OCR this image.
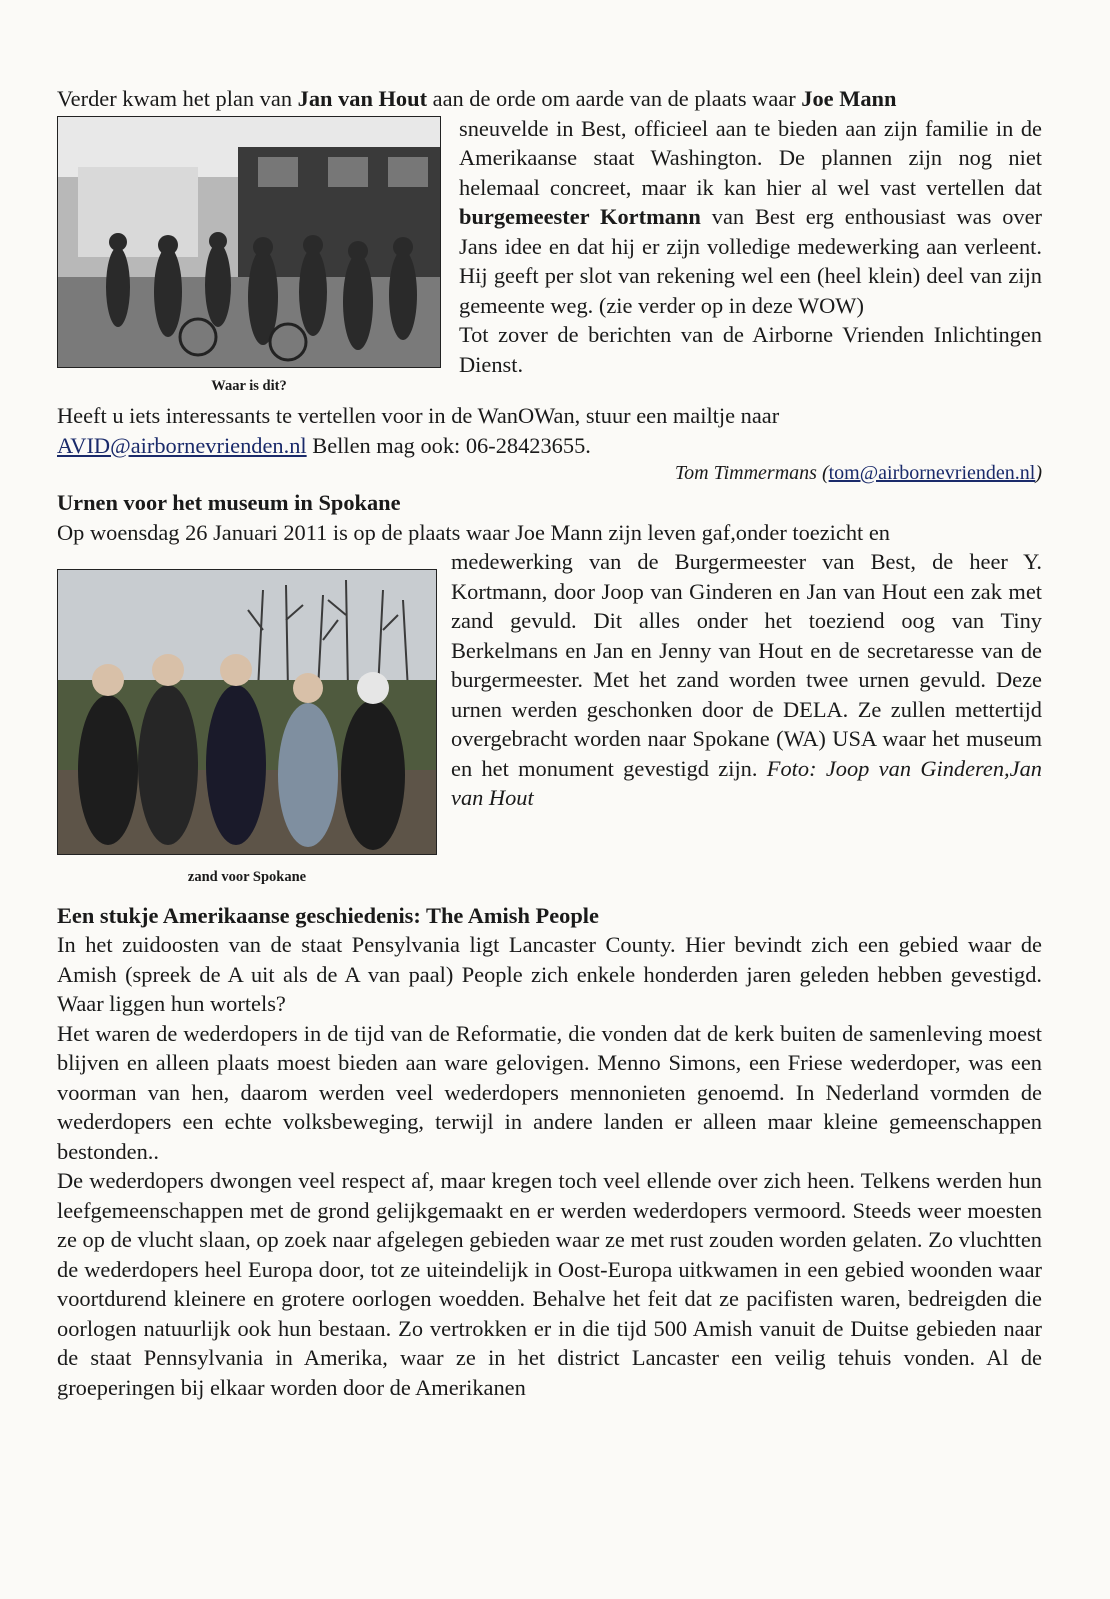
Verder kwam het plan van Jan van Hout aan de orde om aarde van de plaats waar Joe Mann

Waar is dit?

sneuvelde in Best, officieel aan te bieden aan zijn familie in de Amerikaanse staat Washington. De plannen zijn nog niet helemaal concreet, maar ik kan hier al wel vast vertellen dat burgemeester Kortmann van Best erg enthousiast was over Jans idee en dat hij er zijn volledige medewerking aan verleent. Hij geeft per slot van rekening wel een (heel klein) deel van zijn gemeente weg. (zie verder op in deze WOW)

Tot zover de berichten van de Airborne Vrienden Inlichtingen Dienst.

Heeft u iets interessants te vertellen voor in de WanOWan, stuur een mailtje naar

AVID@airbornevrienden.nl Bellen mag ook: 06-28423655.

Tom Timmermans (tom@airbornevrienden.nl)

Urnen voor het museum in Spokane

Op woensdag 26 Januari 2011 is op de plaats waar Joe Mann zijn leven gaf,onder toezicht en

zand voor Spokane

medewerking van de Burgermeester van Best, de heer Y. Kortmann, door Joop van Ginderen en Jan van Hout een zak met zand gevuld. Dit alles onder het toeziend oog van Tiny Berkelmans en Jan en Jenny van Hout en de secretaresse van de burgermeester. Met het zand worden twee urnen gevuld. Deze urnen werden geschonken door de DELA. Ze zullen mettertijd overgebracht worden naar Spokane (WA) USA waar het museum en het monument gevestigd zijn. Foto: Joop van Ginderen,Jan van Hout

Een stukje Amerikaanse geschiedenis: The Amish People

In het zuidoosten van de staat Pensylvania ligt Lancaster County. Hier bevindt zich een gebied waar de Amish (spreek de A uit als de A van paal) People zich enkele honderden jaren geleden hebben gevestigd. Waar liggen hun wortels?

Het waren de wederdopers in de tijd van de Reformatie, die vonden dat de kerk buiten de samenleving moest blijven en alleen plaats moest bieden aan ware gelovigen. Menno Simons, een Friese wederdoper, was een voorman van hen, daarom werden veel wederdopers mennonieten genoemd. In Nederland vormden de wederdopers een echte volksbeweging, terwijl in andere landen er alleen maar kleine gemeenschappen bestonden..

De wederdopers dwongen veel respect af, maar kregen toch veel ellende over zich heen. Telkens werden hun leefgemeenschappen met de grond gelijkgemaakt en er werden wederdopers vermoord. Steeds weer moesten ze op de vlucht slaan, op zoek naar afgelegen gebieden waar ze met rust zouden worden gelaten. Zo vluchtten de wederdopers heel Europa door, tot ze uiteindelijk in Oost-Europa uitkwamen in een gebied woonden waar voortdurend kleinere en grotere oorlogen woedden. Behalve het feit dat ze pacifisten waren, bedreigden die oorlogen natuurlijk ook hun bestaan. Zo vertrokken er in die tijd 500 Amish vanuit de Duitse gebieden naar de staat Pennsylvania in Amerika, waar ze in het district Lancaster een veilig tehuis vonden. Al de groeperingen bij elkaar worden door de Amerikanen
